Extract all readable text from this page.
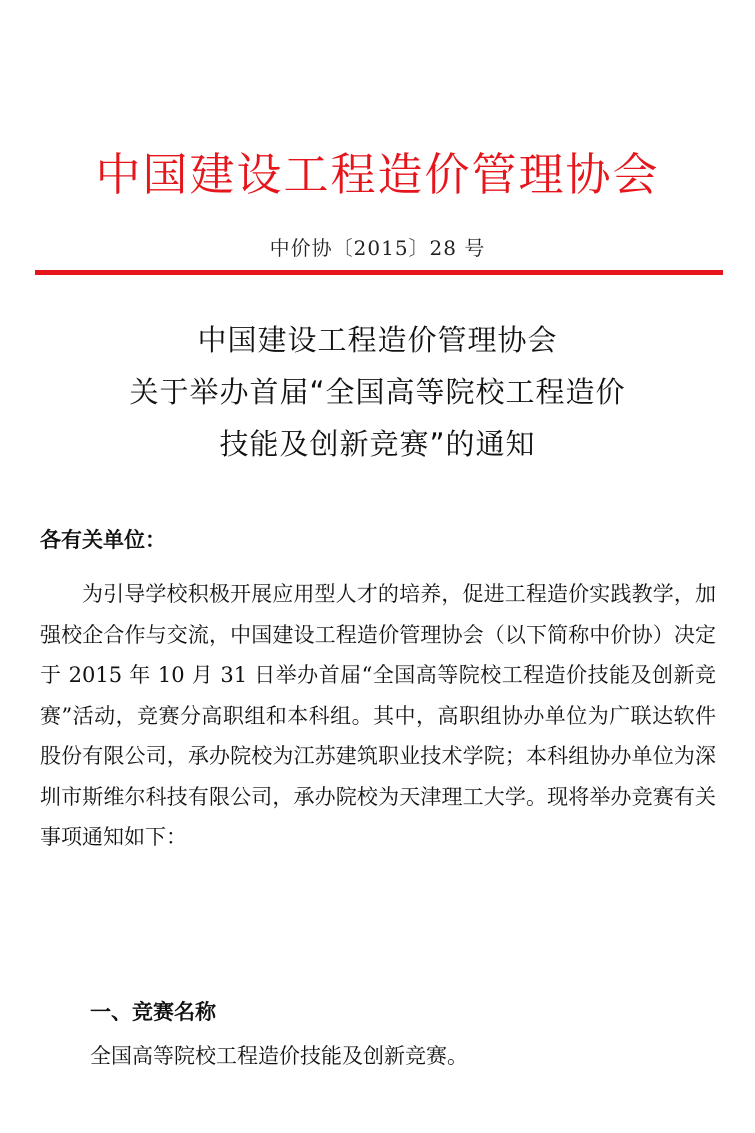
中国建设工程造价管理协会
中价协〔2015〕28 号
中国建设工程造价管理协会
关于举办首届“全国高等院校工程造价
技能及创新竞赛”的通知
各有关单位：

为引导学校积极开展应用型人才的培养，促进工程造价实践教学，加强校企合作与交流，中国建设工程造价管理协会（以下简称中价协）决定于 2015 年 10 月 31 日举办首届“全国高等院校工程造价技能及创新竞赛”活动，竞赛分高职组和本科组。其中，高职组协办单位为广联达软件股份有限公司，承办院校为江苏建筑职业技术学院；本科组协办单位为深圳市斯维尔科技有限公司，承办院校为天津理工大学。现将举办竞赛有关事项通知如下：

一、竞赛名称
全国高等院校工程造价技能及创新竞赛。
